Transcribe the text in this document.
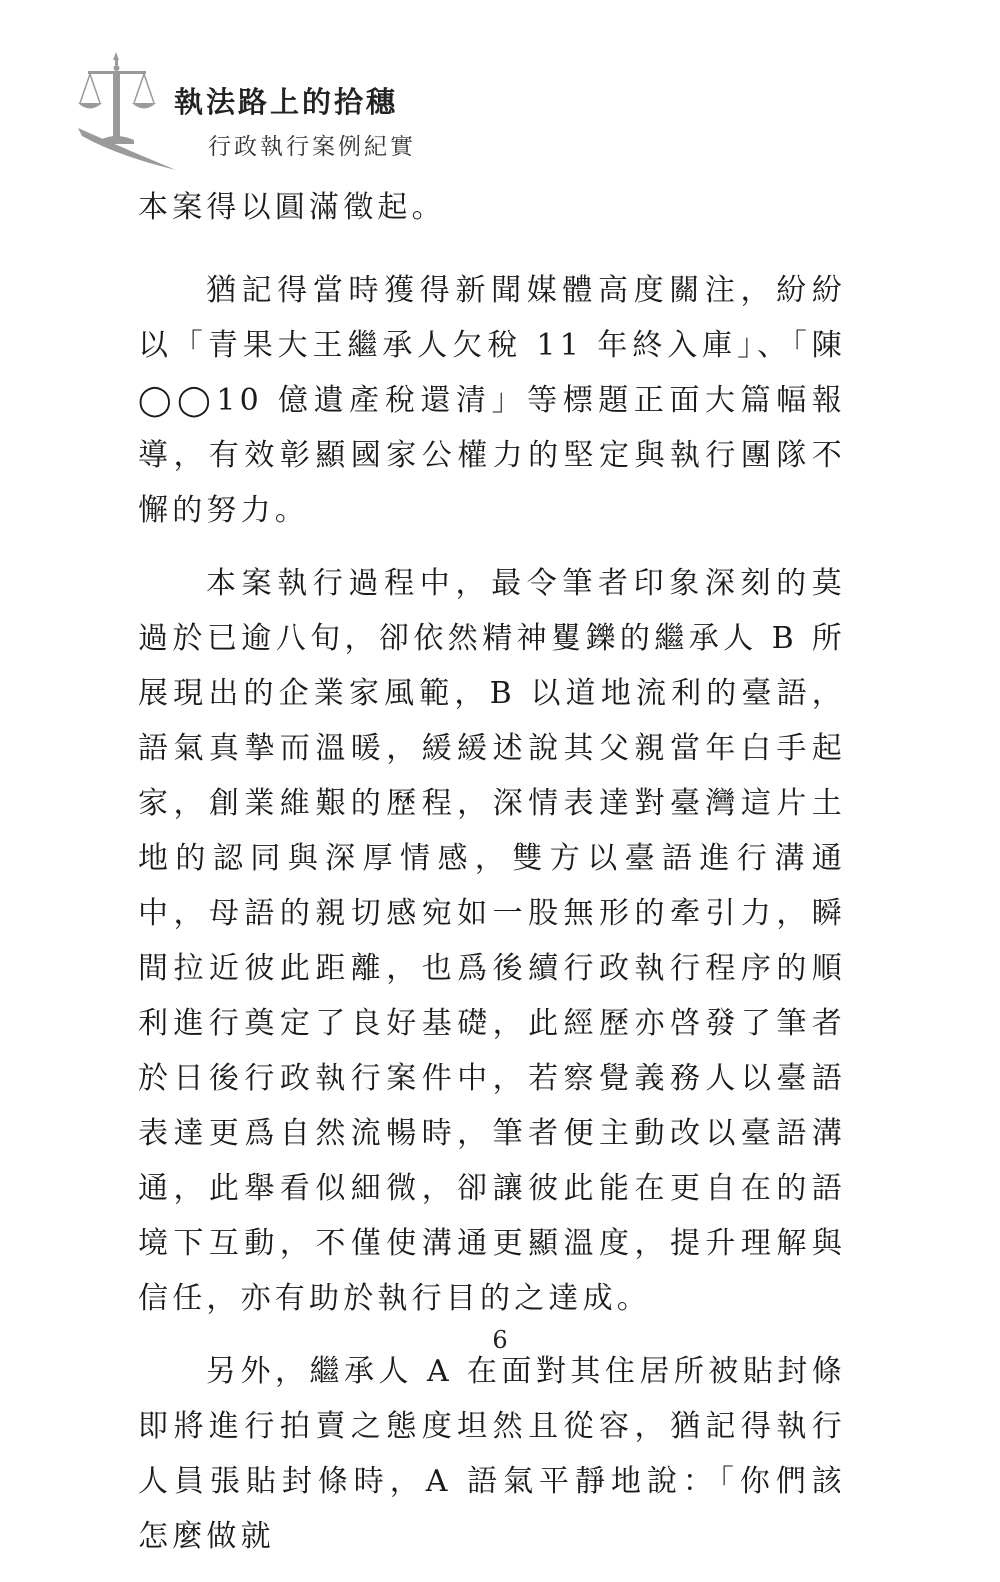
執法路上的拾穗
行政執行案例紀實

本案得以圓滿徵起。

猶記得當時獲得新聞媒體高度關注，紛紛以「青果大王繼承人欠稅 11 年終入庫」、「陳◯◯10 億遺產稅還清」等標題正面大篇幅報導，有效彰顯國家公權力的堅定與執行團隊不懈的努力。

本案執行過程中，最令筆者印象深刻的莫過於已逾八旬，卻依然精神矍鑠的繼承人 B 所展現出的企業家風範，B 以道地流利的臺語，語氣真摯而溫暖，緩緩述說其父親當年白手起家，創業維艱的歷程，深情表達對臺灣這片土地的認同與深厚情感，雙方以臺語進行溝通中，母語的親切感宛如一股無形的牽引力，瞬間拉近彼此距離，也爲後續行政執行程序的順利進行奠定了良好基礎，此經歷亦啓發了筆者於日後行政執行案件中，若察覺義務人以臺語表達更爲自然流暢時，筆者便主動改以臺語溝通，此舉看似細微，卻讓彼此能在更自在的語境下互動，不僅使溝通更顯溫度，提升理解與信任，亦有助於執行目的之達成。

另外，繼承人 A 在面對其住居所被貼封條即將進行拍賣之態度坦然且從容，猶記得執行人員張貼封條時，A 語氣平靜地說：「你們該怎麼做就

6
